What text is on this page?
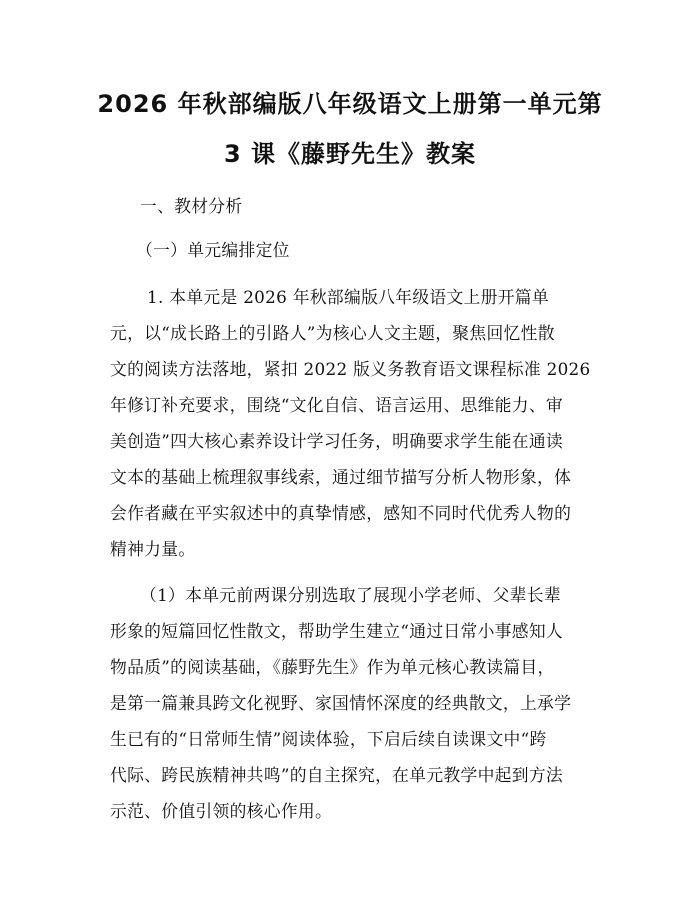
2026 年秋部编版八年级语文上册第一单元第
3 课《藤野先生》教案
一、教材分析
（一）单元编排定位
1. 本单元是 2026 年秋部编版八年级语文上册开篇单
元，以“成长路上的引路人”为核心人文主题，聚焦回忆性散
文的阅读方法落地，紧扣 2022 版义务教育语文课程标准 2026
年修订补充要求，围绕“文化自信、语言运用、思维能力、审
美创造”四大核心素养设计学习任务，明确要求学生能在通读
文本的基础上梳理叙事线索，通过细节描写分析人物形象，体
会作者藏在平实叙述中的真挚情感，感知不同时代优秀人物的
精神力量。
（1）本单元前两课分别选取了展现小学老师、父辈长辈
形象的短篇回忆性散文，帮助学生建立“通过日常小事感知人
物品质”的阅读基础，《藤野先生》作为单元核心教读篇目，
是第一篇兼具跨文化视野、家国情怀深度的经典散文，上承学
生已有的“日常师生情”阅读体验，下启后续自读课文中“跨
代际、跨民族精神共鸣”的自主探究，在单元教学中起到方法
示范、价值引领的核心作用。
